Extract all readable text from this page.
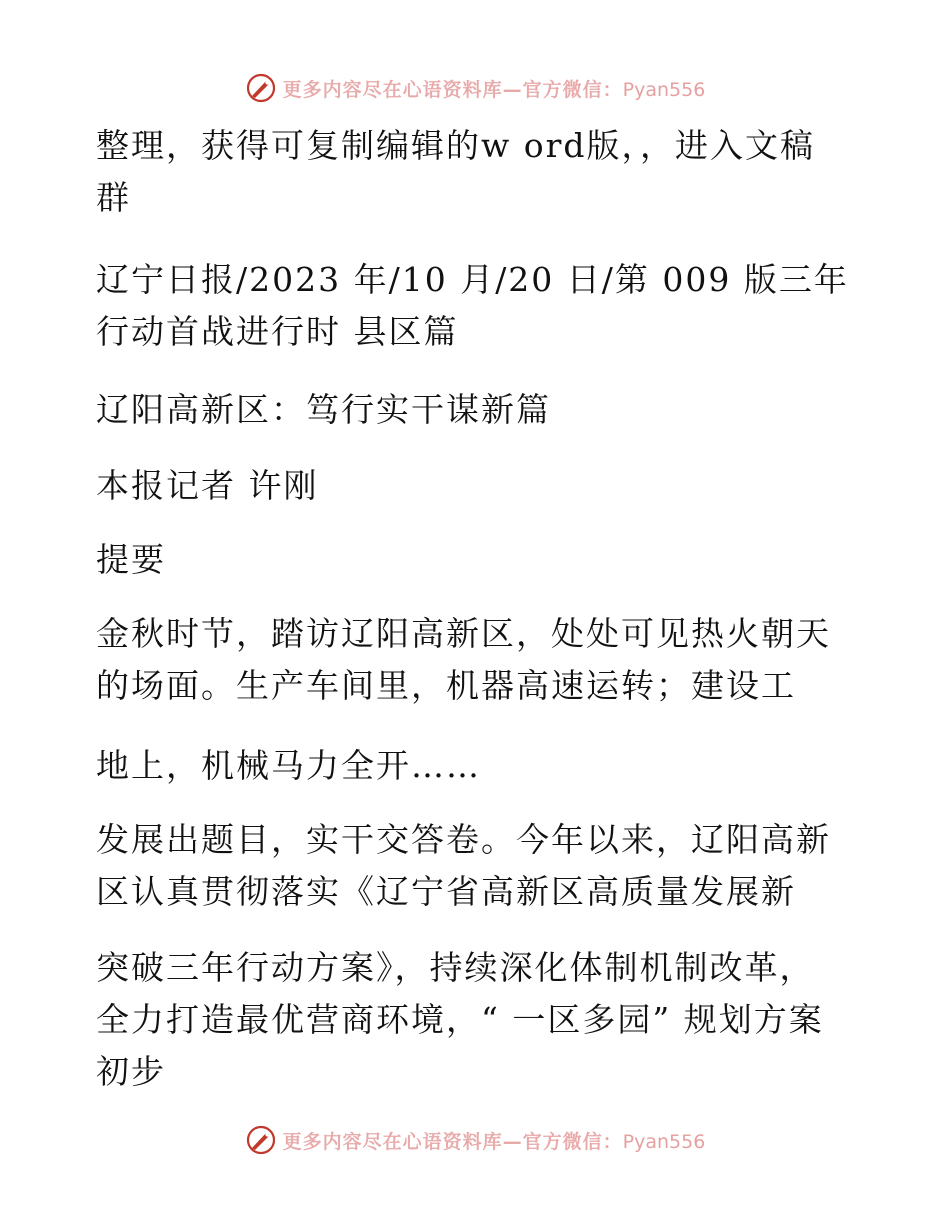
更多内容尽在心语资料库—官方微信：Pyan556

整理，获得可复制编辑的w ord版，，进入文稿
群

辽宁日报/2023 年/10 月/20 日/第 009 版三年
行动首战进行时 县区篇

辽阳高新区：笃行实干谋新篇

本报记者 许刚

提要

金秋时节，踏访辽阳高新区，处处可见热火朝天
的场面。生产车间里，机器高速运转；建设工

地上，机械马力全开……

发展出题目，实干交答卷。今年以来，辽阳高新
区认真贯彻落实《辽宁省高新区高质量发展新

突破三年行动方案》，持续深化体制机制改革，
全力打造最优营商环境，“ 一区多园” 规划方案
初步

更多内容尽在心语资料库—官方微信：Pyan556
